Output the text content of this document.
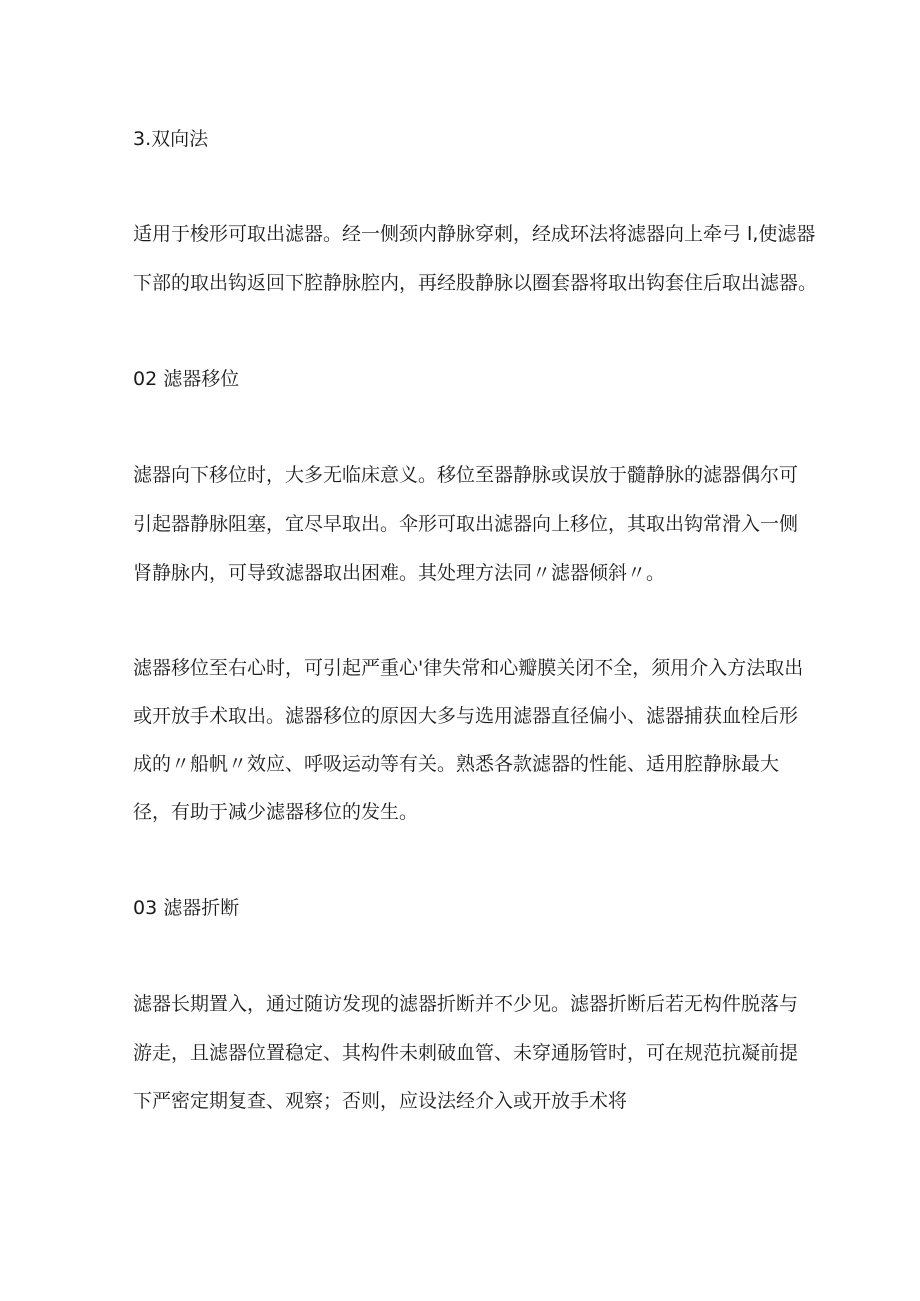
3.双向法
适用于梭形可取出滤器。经一侧颈内静脉穿刺，经成环法将滤器向上牵弓 l,使滤器
下部的取出钩返回下腔静脉腔内，再经股静脉以圈套器将取出钩套住后取出滤器。
02 滤器移位
滤器向下移位时，大多无临床意义。移位至器静脉或误放于髓静脉的滤器偶尔可
引起器静脉阻塞，宜尽早取出。伞形可取出滤器向上移位，其取出钩常滑入一侧
肾静脉内，可导致滤器取出困难。其处理方法同〃滤器倾斜〃。
滤器移位至右心时，可引起严重心'律失常和心瓣膜关闭不全，须用介入方法取出
或开放手术取出。滤器移位的原因大多与选用滤器直径偏小、滤器捕获血栓后形
成的〃船帆〃效应、呼吸运动等有关。熟悉各款滤器的性能、适用腔静脉最大
径，有助于减少滤器移位的发生。
03 滤器折断
滤器长期置入，通过随访发现的滤器折断并不少见。滤器折断后若无构件脱落与
游走，且滤器位置稳定、其构件未刺破血管、未穿通肠管时，可在规范抗凝前提
下严密定期复查、观察；否则，应设法经介入或开放手术将
